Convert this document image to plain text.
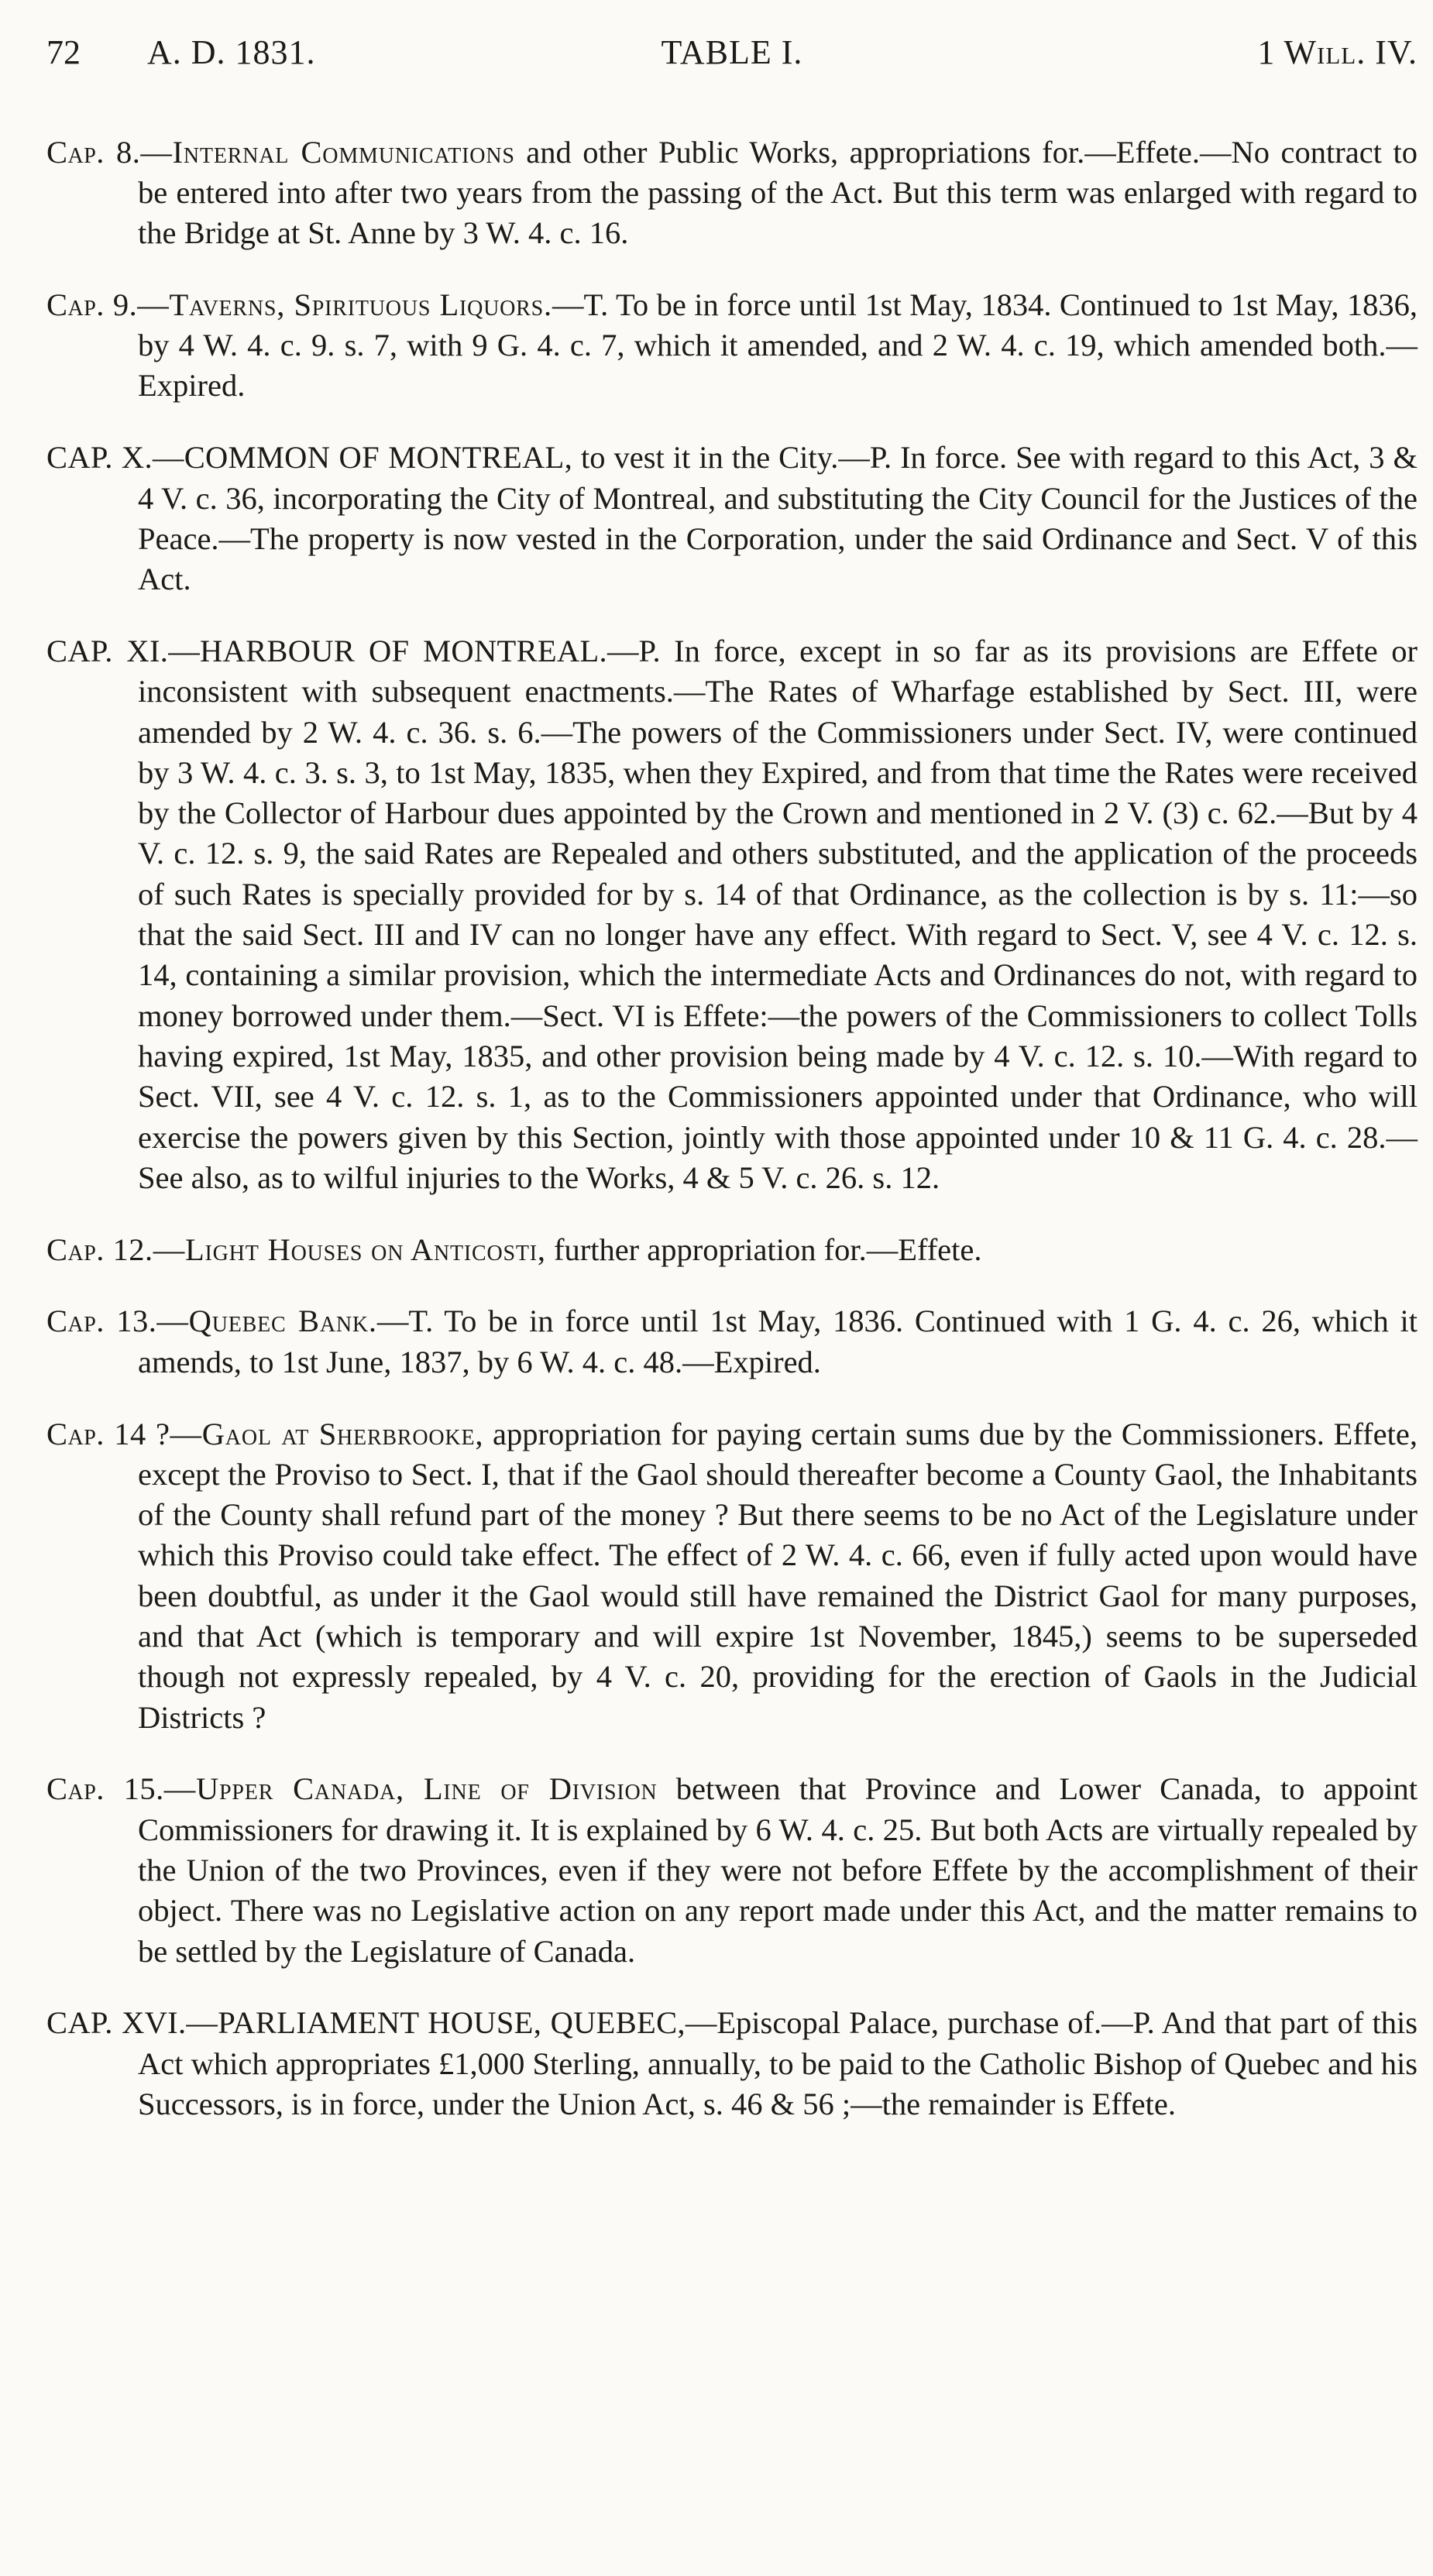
72	A. D. 1831.	TABLE I.	1 Will. IV.

Cap. 8.—Internal Communications and other Public Works, appropriations for.—Effete.—No contract to be entered into after two years from the passing of the Act. But this term was enlarged with regard to the Bridge at St. Anne by 3 W. 4. c. 16.

Cap. 9.—Taverns, Spirituous Liquors.—T. To be in force until 1st May, 1834. Continued to 1st May, 1836, by 4 W. 4. c. 9. s. 7, with 9 G. 4. c. 7, which it amended, and 2 W. 4. c. 19, which amended both.—Expired.

CAP. X.—COMMON OF MONTREAL, to vest it in the City.—P. In force. See with regard to this Act, 3 & 4 V. c. 36, incorporating the City of Montreal, and substituting the City Council for the Justices of the Peace.—The property is now vested in the Corporation, under the said Ordinance and Sect. V of this Act.

CAP. XI.—HARBOUR OF MONTREAL.—P. In force, except in so far as its provisions are Effete or inconsistent with subsequent enactments.—The Rates of Wharfage established by Sect. III, were amended by 2 W. 4. c. 36. s. 6.—The powers of the Commissioners under Sect. IV, were continued by 3 W. 4. c. 3. s. 3, to 1st May, 1835, when they Expired, and from that time the Rates were received by the Collector of Harbour dues appointed by the Crown and mentioned in 2 V. (3) c. 62.—But by 4 V. c. 12. s. 9, the said Rates are Repealed and others substituted, and the application of the proceeds of such Rates is specially provided for by s. 14 of that Ordinance, as the collection is by s. 11:—so that the said Sect. III and IV can no longer have any effect. With regard to Sect. V, see 4 V. c. 12. s. 14, containing a similar provision, which the intermediate Acts and Ordinances do not, with regard to money borrowed under them.—Sect. VI is Effete:—the powers of the Commissioners to collect Tolls having expired, 1st May, 1835, and other provision being made by 4 V. c. 12. s. 10.—With regard to Sect. VII, see 4 V. c. 12. s. 1, as to the Commissioners appointed under that Ordinance, who will exercise the powers given by this Section, jointly with those appointed under 10 & 11 G. 4. c. 28.—See also, as to wilful injuries to the Works, 4 & 5 V. c. 26. s. 12.

Cap. 12.—Light Houses on Anticosti, further appropriation for.—Effete.

Cap. 13.—Quebec Bank.—T. To be in force until 1st May, 1836. Continued with 1 G. 4. c. 26, which it amends, to 1st June, 1837, by 6 W. 4. c. 48.—Expired.

Cap. 14 ?—Gaol at Sherbrooke, appropriation for paying certain sums due by the Commissioners. Effete, except the Proviso to Sect. I, that if the Gaol should thereafter become a County Gaol, the Inhabitants of the County shall refund part of the money ? But there seems to be no Act of the Legislature under which this Proviso could take effect. The effect of 2 W. 4. c. 66, even if fully acted upon would have been doubtful, as under it the Gaol would still have remained the District Gaol for many purposes, and that Act (which is temporary and will expire 1st November, 1845,) seems to be superseded though not expressly repealed, by 4 V. c. 20, providing for the erection of Gaols in the Judicial Districts ?

Cap. 15.—Upper Canada, Line of Division between that Province and Lower Canada, to appoint Commissioners for drawing it. It is explained by 6 W. 4. c. 25. But both Acts are virtually repealed by the Union of the two Provinces, even if they were not before Effete by the accomplishment of their object. There was no Legislative action on any report made under this Act, and the matter remains to be settled by the Legislature of Canada.

CAP. XVI.—PARLIAMENT HOUSE, QUEBEC,—Episcopal Palace, purchase of.—P. And that part of this Act which appropriates £1,000 Sterling, annually, to be paid to the Catholic Bishop of Quebec and his Successors, is in force, under the Union Act, s. 46 & 56 ;—the remainder is Effete.
